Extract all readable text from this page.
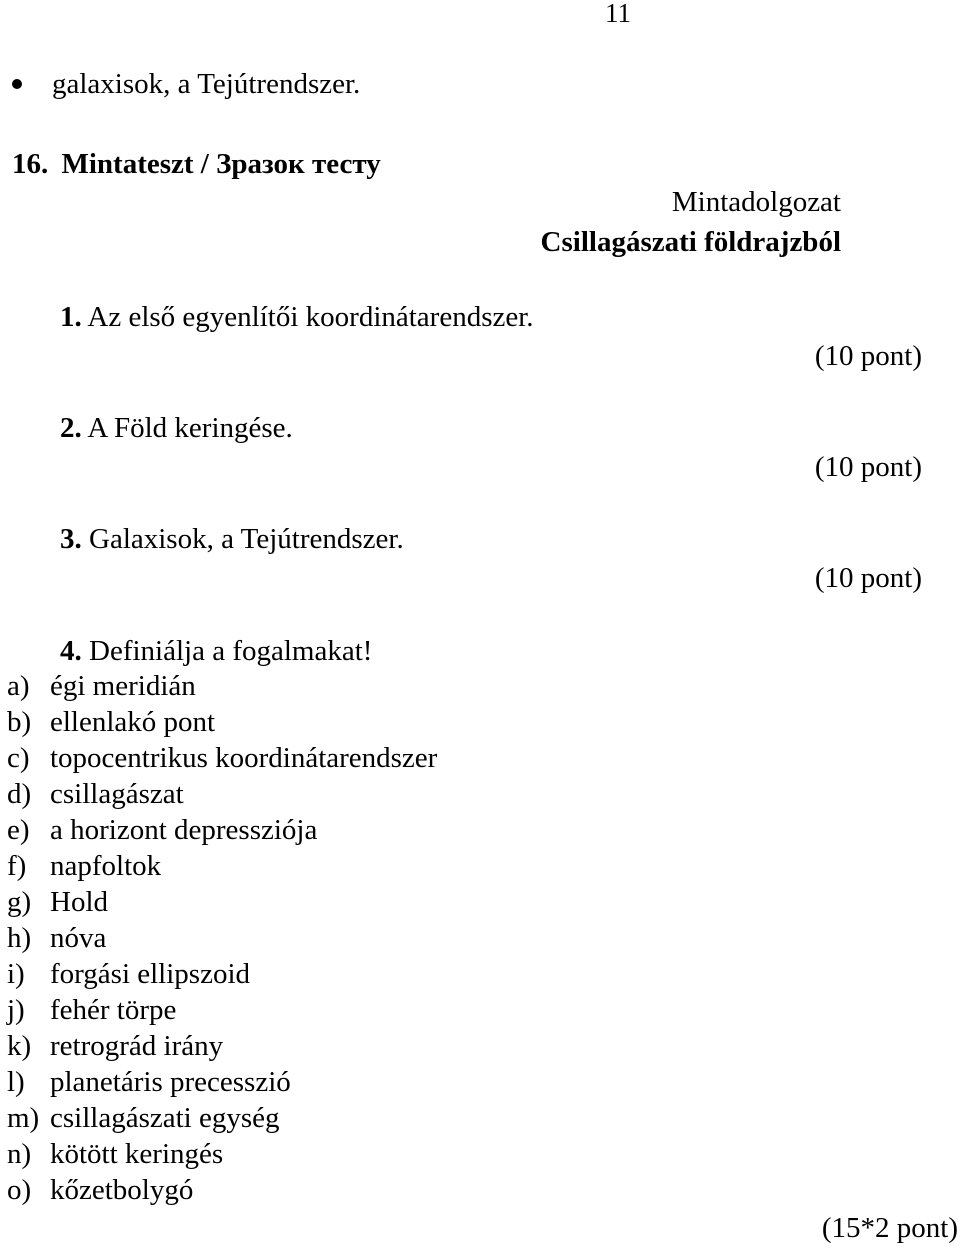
11
galaxisok, a Tejútrendszer.
16. Mintateszt / Зразок тесту
Mintadolgozat
Csillagászati földrajzból
1. Az első egyenlítői koordinátarendszer.
(10 pont)
2. A Föld keringése.
(10 pont)
3. Galaxisok, a Tejútrendszer.
(10 pont)
4. Definiálja a fogalmakat!
a) égi meridián
b) ellenlakó pont
c) topocentrikus koordinátarendszer
d) csillagászat
e) a horizont depressziója
f) napfoltok
g) Hold
h) nóva
i) forgási ellipszoid
j) fehér törpe
k) retrográd irány
l) planetáris precesszió
m) csillagászati egység
n) kötött keringés
o) kőzetbolygó
(15*2 pont)
